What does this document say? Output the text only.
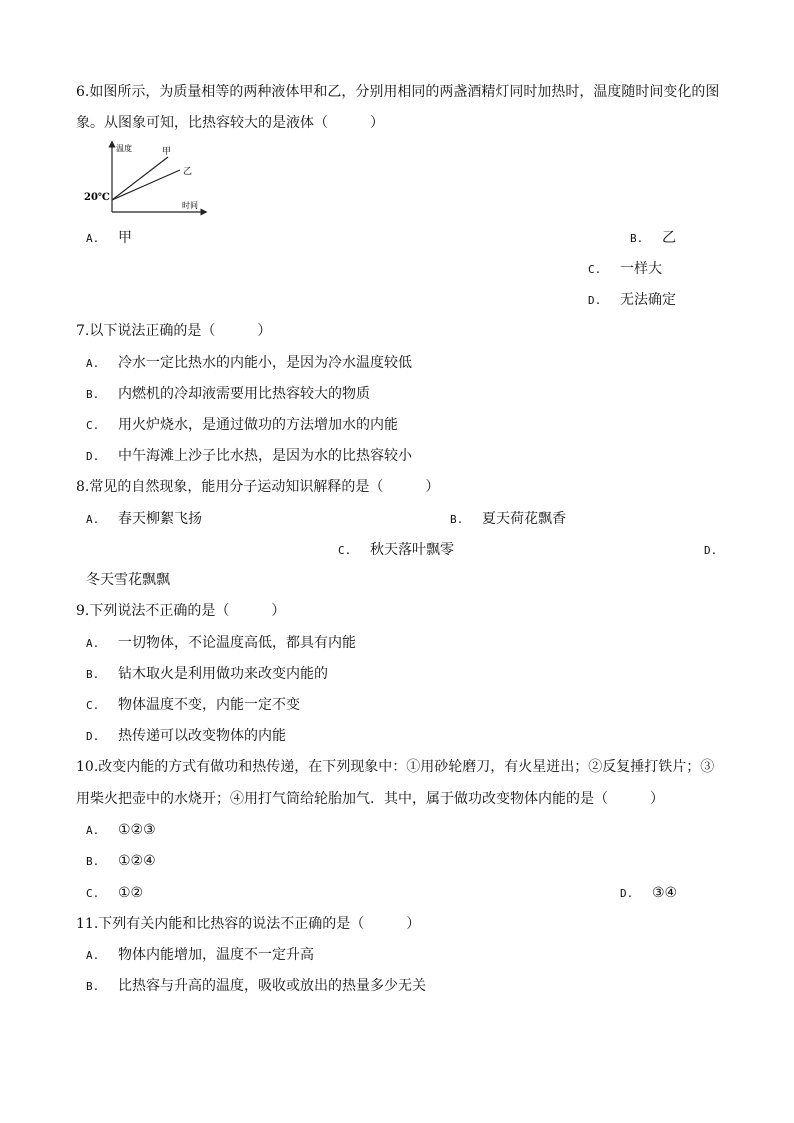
6.如图所示，为质量相等的两种液体甲和乙，分别用相同的两盏酒精灯同时加热时，温度随时间变化的图
象。从图象可知，比热容较大的是液体（　　　）
温度
时间
甲
乙
20℃
A. 甲	B. 乙
C. 一样大
D. 无法确定
7.以下说法正确的是（　　　）
A. 冷水一定比热水的内能小，是因为冷水温度较低
B. 内燃机的冷却液需要用比热容较大的物质
C. 用火炉烧水，是通过做功的方法增加水的内能
D. 中午海滩上沙子比水热，是因为水的比热容较小
8.常见的自然现象，能用分子运动知识解释的是（　　　）
A. 春天柳絮飞扬	B. 夏天荷花飘香
C. 秋天落叶飘零	D.
冬天雪花飘飘
9.下列说法不正确的是（　　　）
A. 一切物体，不论温度高低，都具有内能
B. 钻木取火是利用做功来改变内能的
C. 物体温度不变，内能一定不变
D. 热传递可以改变物体的内能
10.改变内能的方式有做功和热传递，在下列现象中：①用砂轮磨刀，有火星迸出；②反复捶打铁片；③
用柴火把壶中的水烧开；④用打气筒给轮胎加气．其中，属于做功改变物体内能的是（　　　）
A. ①②③
B. ①②④
C. ①②	D. ③④
11.下列有关内能和比热容的说法不正确的是（　　　）
A. 物体内能增加，温度不一定升高
B. 比热容与升高的温度，吸收或放出的热量多少无关
